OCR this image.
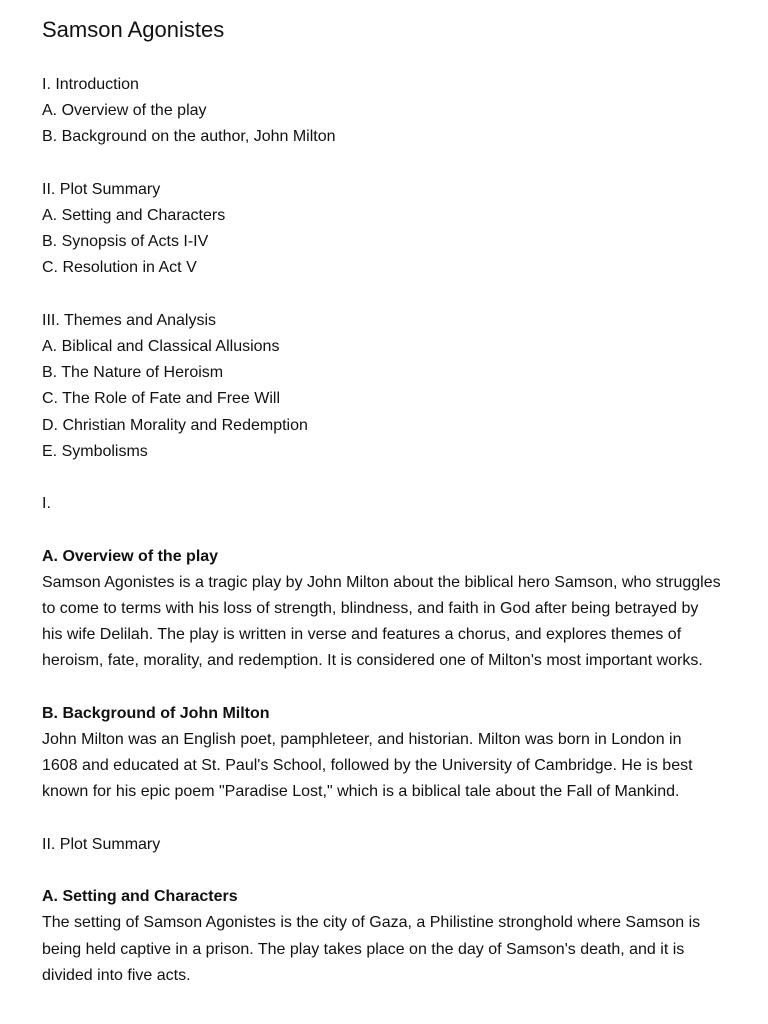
Samson Agonistes

I. Introduction

A. Overview of the play

B. Background on the author, John Milton

II. Plot Summary

A. Setting and Characters

B. Synopsis of Acts I-IV

C. Resolution in Act V

III. Themes and Analysis

A. Biblical and Classical Allusions

B. The Nature of Heroism

C. The Role of Fate and Free Will

D. Christian Morality and Redemption

E. Symbolisms

I.

A. Overview of the play

Samson Agonistes is a tragic play by John Milton about the biblical hero Samson, who struggles

to come to terms with his loss of strength, blindness, and faith in God after being betrayed by

his wife Delilah. The play is written in verse and features a chorus, and explores themes of

heroism, fate, morality, and redemption. It is considered one of Milton's most important works.

B. Background of John Milton

John Milton was an English poet, pamphleteer, and historian. Milton was born in London in

1608 and educated at St. Paul's School, followed by the University of Cambridge. He is best

known for his epic poem "Paradise Lost," which is a biblical tale about the Fall of Mankind.

II. Plot Summary

A. Setting and Characters

The setting of Samson Agonistes is the city of Gaza, a Philistine stronghold where Samson is

being held captive in a prison. The play takes place on the day of Samson's death, and it is

divided into five acts.
